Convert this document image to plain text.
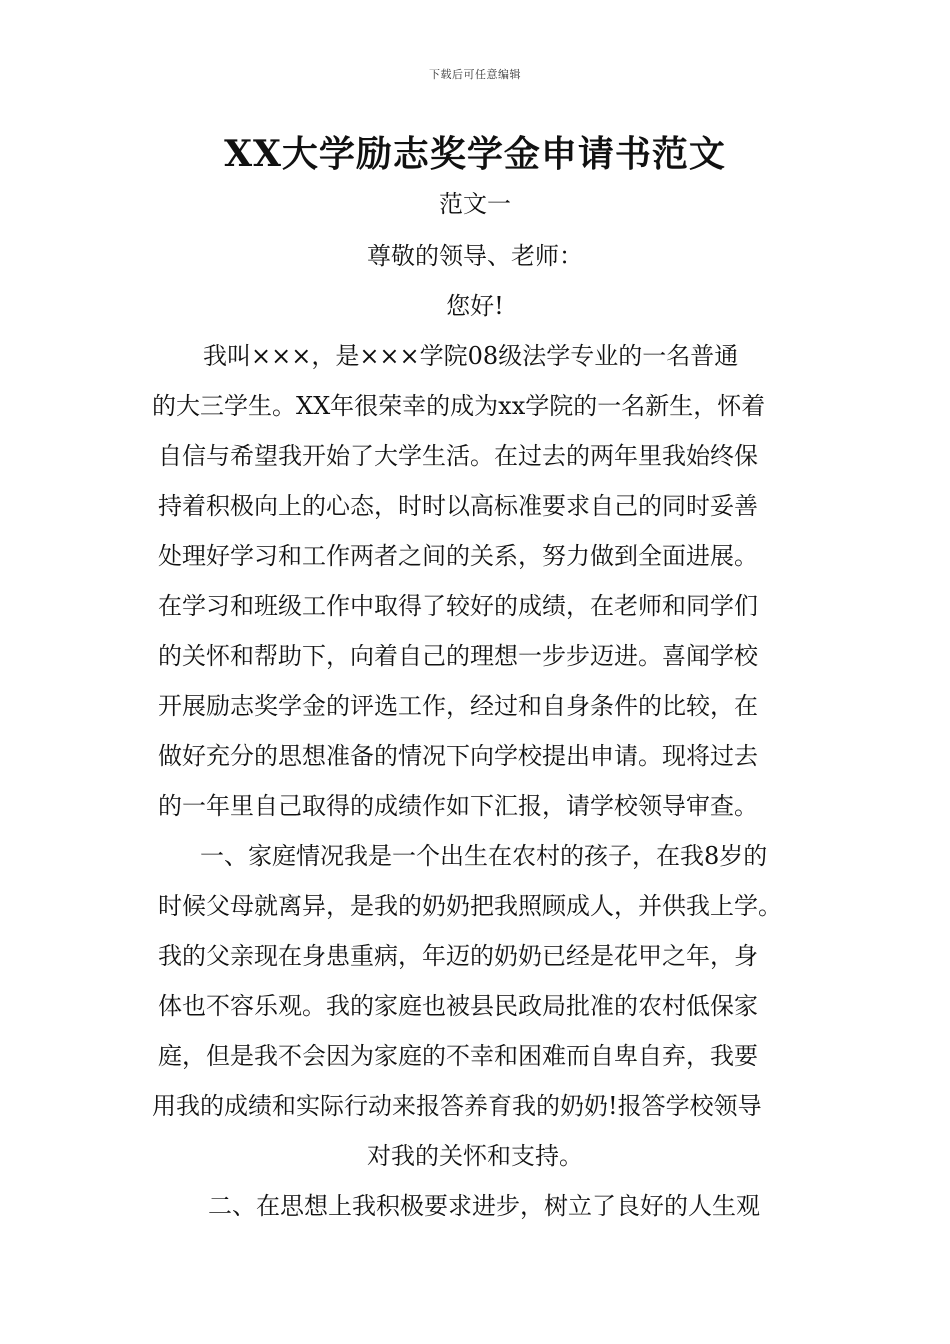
下载后可任意编辑
XX大学励志奖学金申请书范文
范文一
尊敬的领导、老师：
您好!
我叫×××，是×××学院08级法学专业的一名普通
的大三学生。XX年很荣幸的成为xx学院的一名新生，怀着
自信与希望我开始了大学生活。在过去的两年里我始终保
持着积极向上的心态，时时以高标准要求自己的同时妥善
处理好学习和工作两者之间的关系，努力做到全面进展。
在学习和班级工作中取得了较好的成绩，在老师和同学们
的关怀和帮助下，向着自己的理想一步步迈进。喜闻学校
开展励志奖学金的评选工作，经过和自身条件的比较，在
做好充分的思想准备的情况下向学校提出申请。现将过去
的一年里自己取得的成绩作如下汇报，请学校领导审查。
一、家庭情况我是一个出生在农村的孩子，在我8岁的
时候父母就离异，是我的奶奶把我照顾成人，并供我上学。
我的父亲现在身患重病，年迈的奶奶已经是花甲之年，身
体也不容乐观。我的家庭也被县民政局批准的农村低保家
庭，但是我不会因为家庭的不幸和困难而自卑自弃，我要
用我的成绩和实际行动来报答养育我的奶奶!报答学校领导
对我的关怀和支持。
二、在思想上我积极要求进步，树立了良好的人生观
